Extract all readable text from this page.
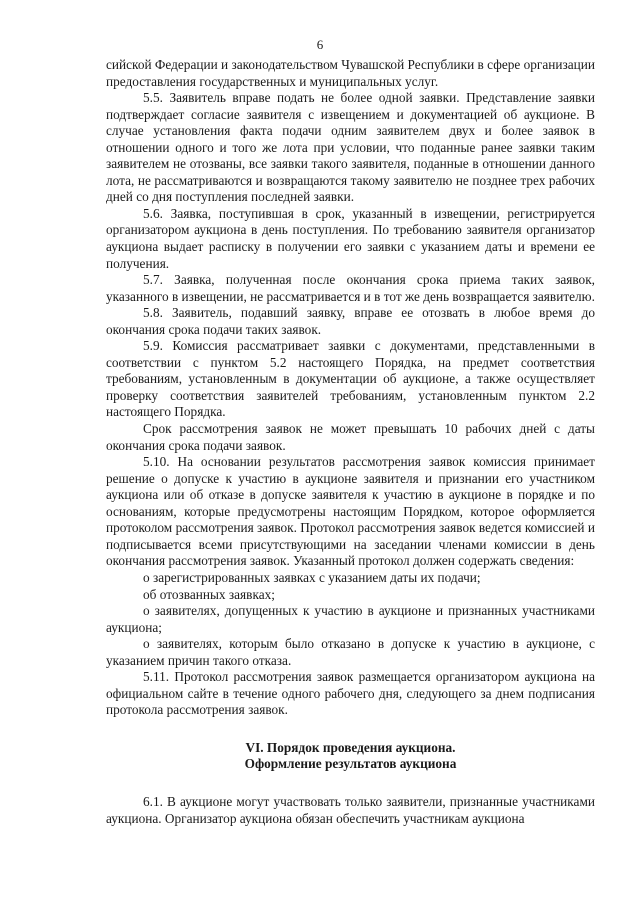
6

сийской Федерации и законодательством Чувашской Республики в сфере организации предоставления государственных и муниципальных услуг.

5.5. Заявитель вправе подать не более одной заявки. Представление заявки подтверждает согласие заявителя с извещением и документацией об аукционе. В случае установления факта подачи одним заявителем двух и более заявок в отношении одного и того же лота при условии, что поданные ранее заявки таким заявителем не отозваны, все заявки такого заявителя, поданные в отношении данного лота, не рассматриваются и возвращаются такому заявителю не позднее трех рабочих дней со дня поступления последней заявки.

5.6. Заявка, поступившая в срок, указанный в извещении, регистрируется организатором аукциона в день поступления. По требованию заявителя организатор аукциона выдает расписку в получении его заявки с указанием даты и времени ее получения.

5.7. Заявка, полученная после окончания срока приема таких заявок, указанного в извещении, не рассматривается и в тот же день возвращается заявителю.

5.8. Заявитель, подавший заявку, вправе ее отозвать в любое время до окончания срока подачи таких заявок.

5.9. Комиссия рассматривает заявки с документами, представленными в соответствии с пунктом 5.2 настоящего Порядка, на предмет соответствия требованиям, установленным в документации об аукционе, а также осуществляет проверку соответствия заявителей требованиям, установленным пунктом 2.2 настоящего Порядка.

Срок рассмотрения заявок не может превышать 10 рабочих дней с даты окончания срока подачи заявок.

5.10. На основании результатов рассмотрения заявок комиссия принимает решение о допуске к участию в аукционе заявителя и признании его участником аукциона или об отказе в допуске заявителя к участию в аукционе в порядке и по основаниям, которые предусмотрены настоящим Порядком, которое оформляется протоколом рассмотрения заявок. Протокол рассмотрения заявок ведется комиссией и подписывается всеми присутствующими на заседании членами комиссии в день окончания рассмотрения заявок. Указанный протокол должен содержать сведения:

о зарегистрированных заявках с указанием даты их подачи;

об отозванных заявках;

о заявителях, допущенных к участию в аукционе и признанных участниками аукциона;

о заявителях, которым было отказано в допуске к участию в аукционе, с указанием причин такого отказа.

5.11. Протокол рассмотрения заявок размещается организатором аукциона на официальном сайте в течение одного рабочего дня, следующего за днем подписания протокола рассмотрения заявок.

VI. Порядок проведения аукциона.
Оформление результатов аукциона

6.1. В аукционе могут участвовать только заявители, признанные участниками аукциона. Организатор аукциона обязан обеспечить участникам аукциона
